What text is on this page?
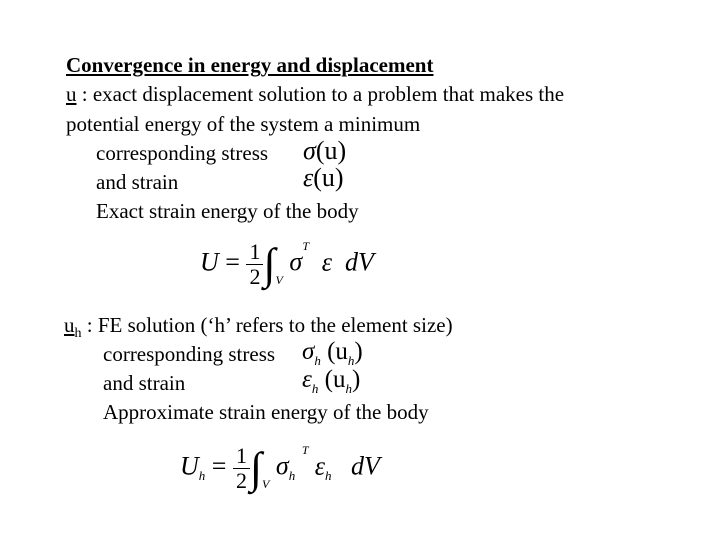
Convergence in energy and displacement
u : exact displacement solution to a problem that makes the
potential energy of the system a minimum
corresponding stress σ(u)
and strain	ε(u)
Exact strain energy of the body
$U = \frac{1}{2} \int_V$ σ
T
ε dV
$u_h$ : FE solution (‘h’ refers to the element size)
corresponding stress $\sigma_h$ $(u_h)$
and strain	$\varepsilon_h$ $(u_h)$
Approximate strain energy of the body
$U_h = \frac{1}{2} \int_V$ $\sigma_h$
T
$\varepsilon_h$ dV
